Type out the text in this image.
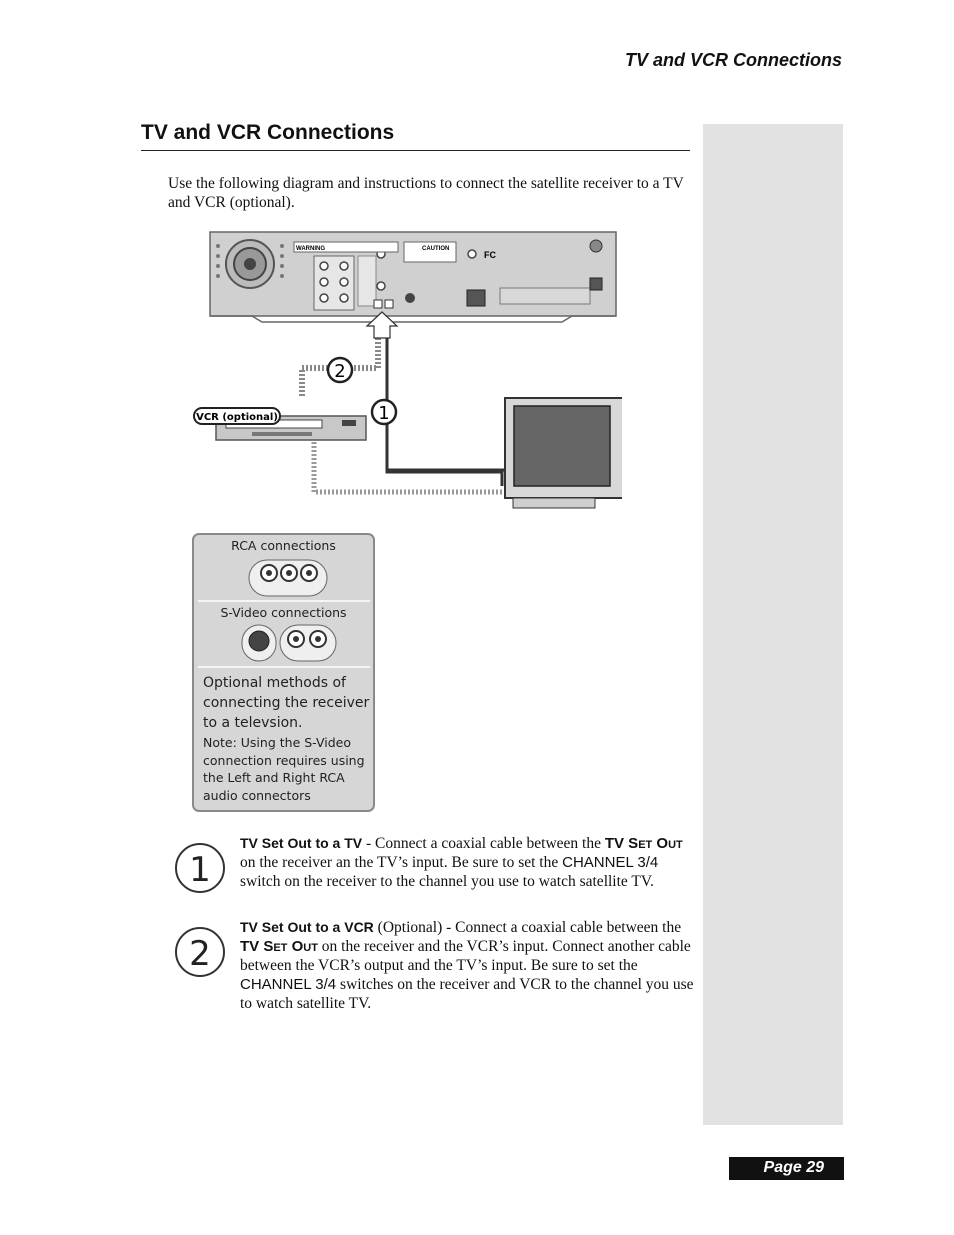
TV and VCR Connections
TV and VCR Connections
Use the following diagram and instructions to connect the satellite receiver to a TV and VCR (optional).
WARNING	CAUTION
FC
2
1
VCR (optional)
RCA connections
S-Video connections
Optional methods of connecting the receiver to a televsion.
Note: Using the S-Video connection requires using the Left and Right RCA audio connectors
1
TV Set Out to a TV - Connect a coaxial cable between the TV Set Out on the receiver an the TV’s input. Be sure to set the CHANNEL 3/4 switch on the receiver to the channel you use to watch satellite TV.
2
TV Set Out to a VCR (Optional) - Connect a coaxial cable between the TV Set Out on the receiver and the VCR’s input. Connect another cable between the VCR’s output and the TV’s input. Be sure to set the CHANNEL 3/4 switches on the receiver and VCR to the channel you use to watch satellite TV.
Page 29
